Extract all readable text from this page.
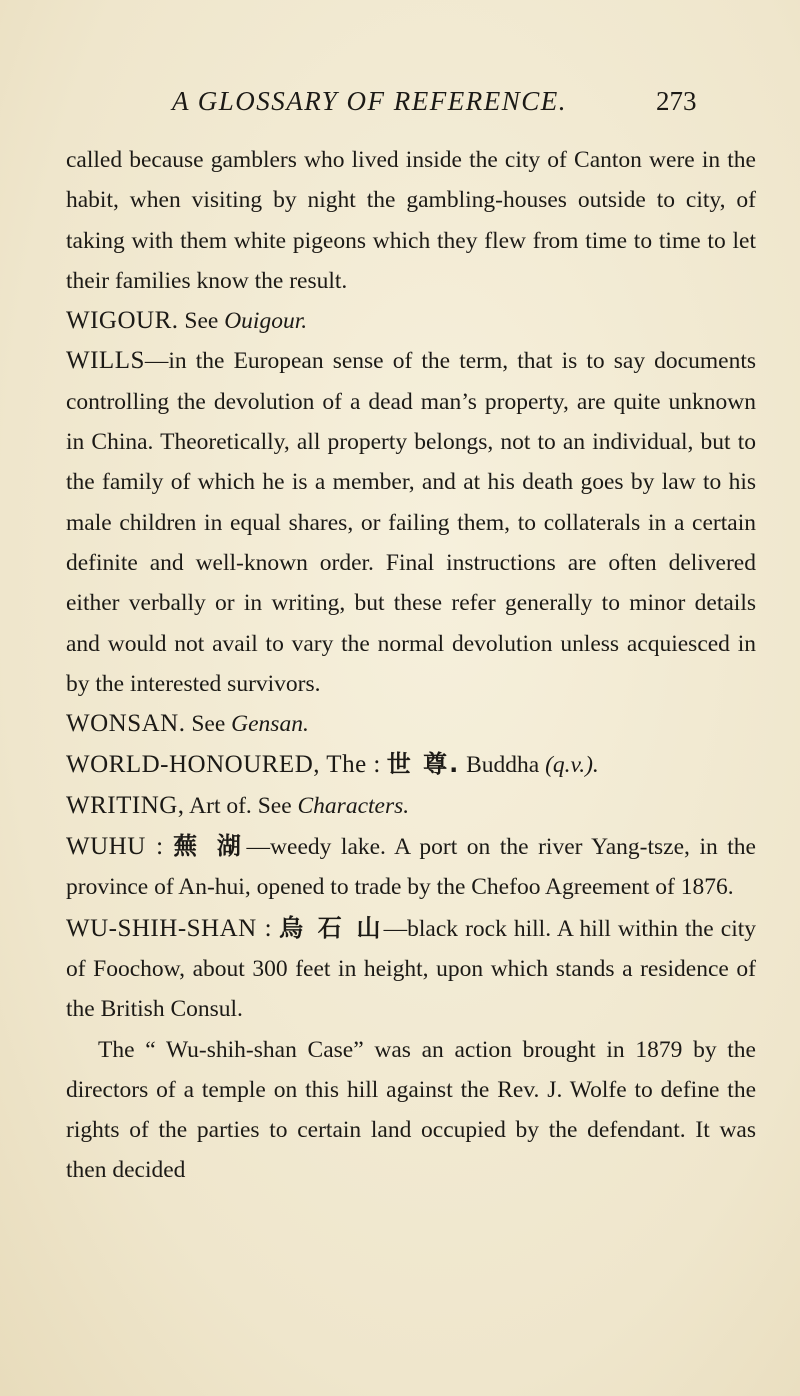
A GLOSSARY OF REFERENCE.	273

called because gamblers who lived inside the city of Canton were in the habit, when visiting by night the gambling-houses outside to city, of taking with them white pigeons which they flew from time to time to let their families know the result.

WIGOUR. See Ouigour.

WILLS—in the European sense of the term, that is to say documents controlling the devolution of a dead man’s property, are quite unknown in China. Theoretically, all property belongs, not to an individual, but to the family of which he is a member, and at his death goes by law to his male children in equal shares, or failing them, to collaterals in a certain definite and well-known order. Final instructions are often delivered either verbally or in writing, but these refer generally to minor details and would not avail to vary the normal devolution unless acquiesced in by the interested survivors.

WONSAN. See Gensan.

WORLD-HONOURED, The : 世 尊. Buddha (q.v.).

WRITING, Art of. See Characters.

WUHU : 蕪 湖—weedy lake. A port on the river Yang-tsze, in the province of An-hui, opened to trade by the Chefoo Agreement of 1876.

WU-SHIH-SHAN : 烏 石 山—black rock hill. A hill within the city of Foochow, about 300 feet in height, upon which stands a residence of the British Consul.

The “ Wu-shih-shan Case” was an action brought in 1879 by the directors of a temple on this hill against the Rev. J. Wolfe to define the rights of the parties to certain land occupied by the defendant. It was then decided
